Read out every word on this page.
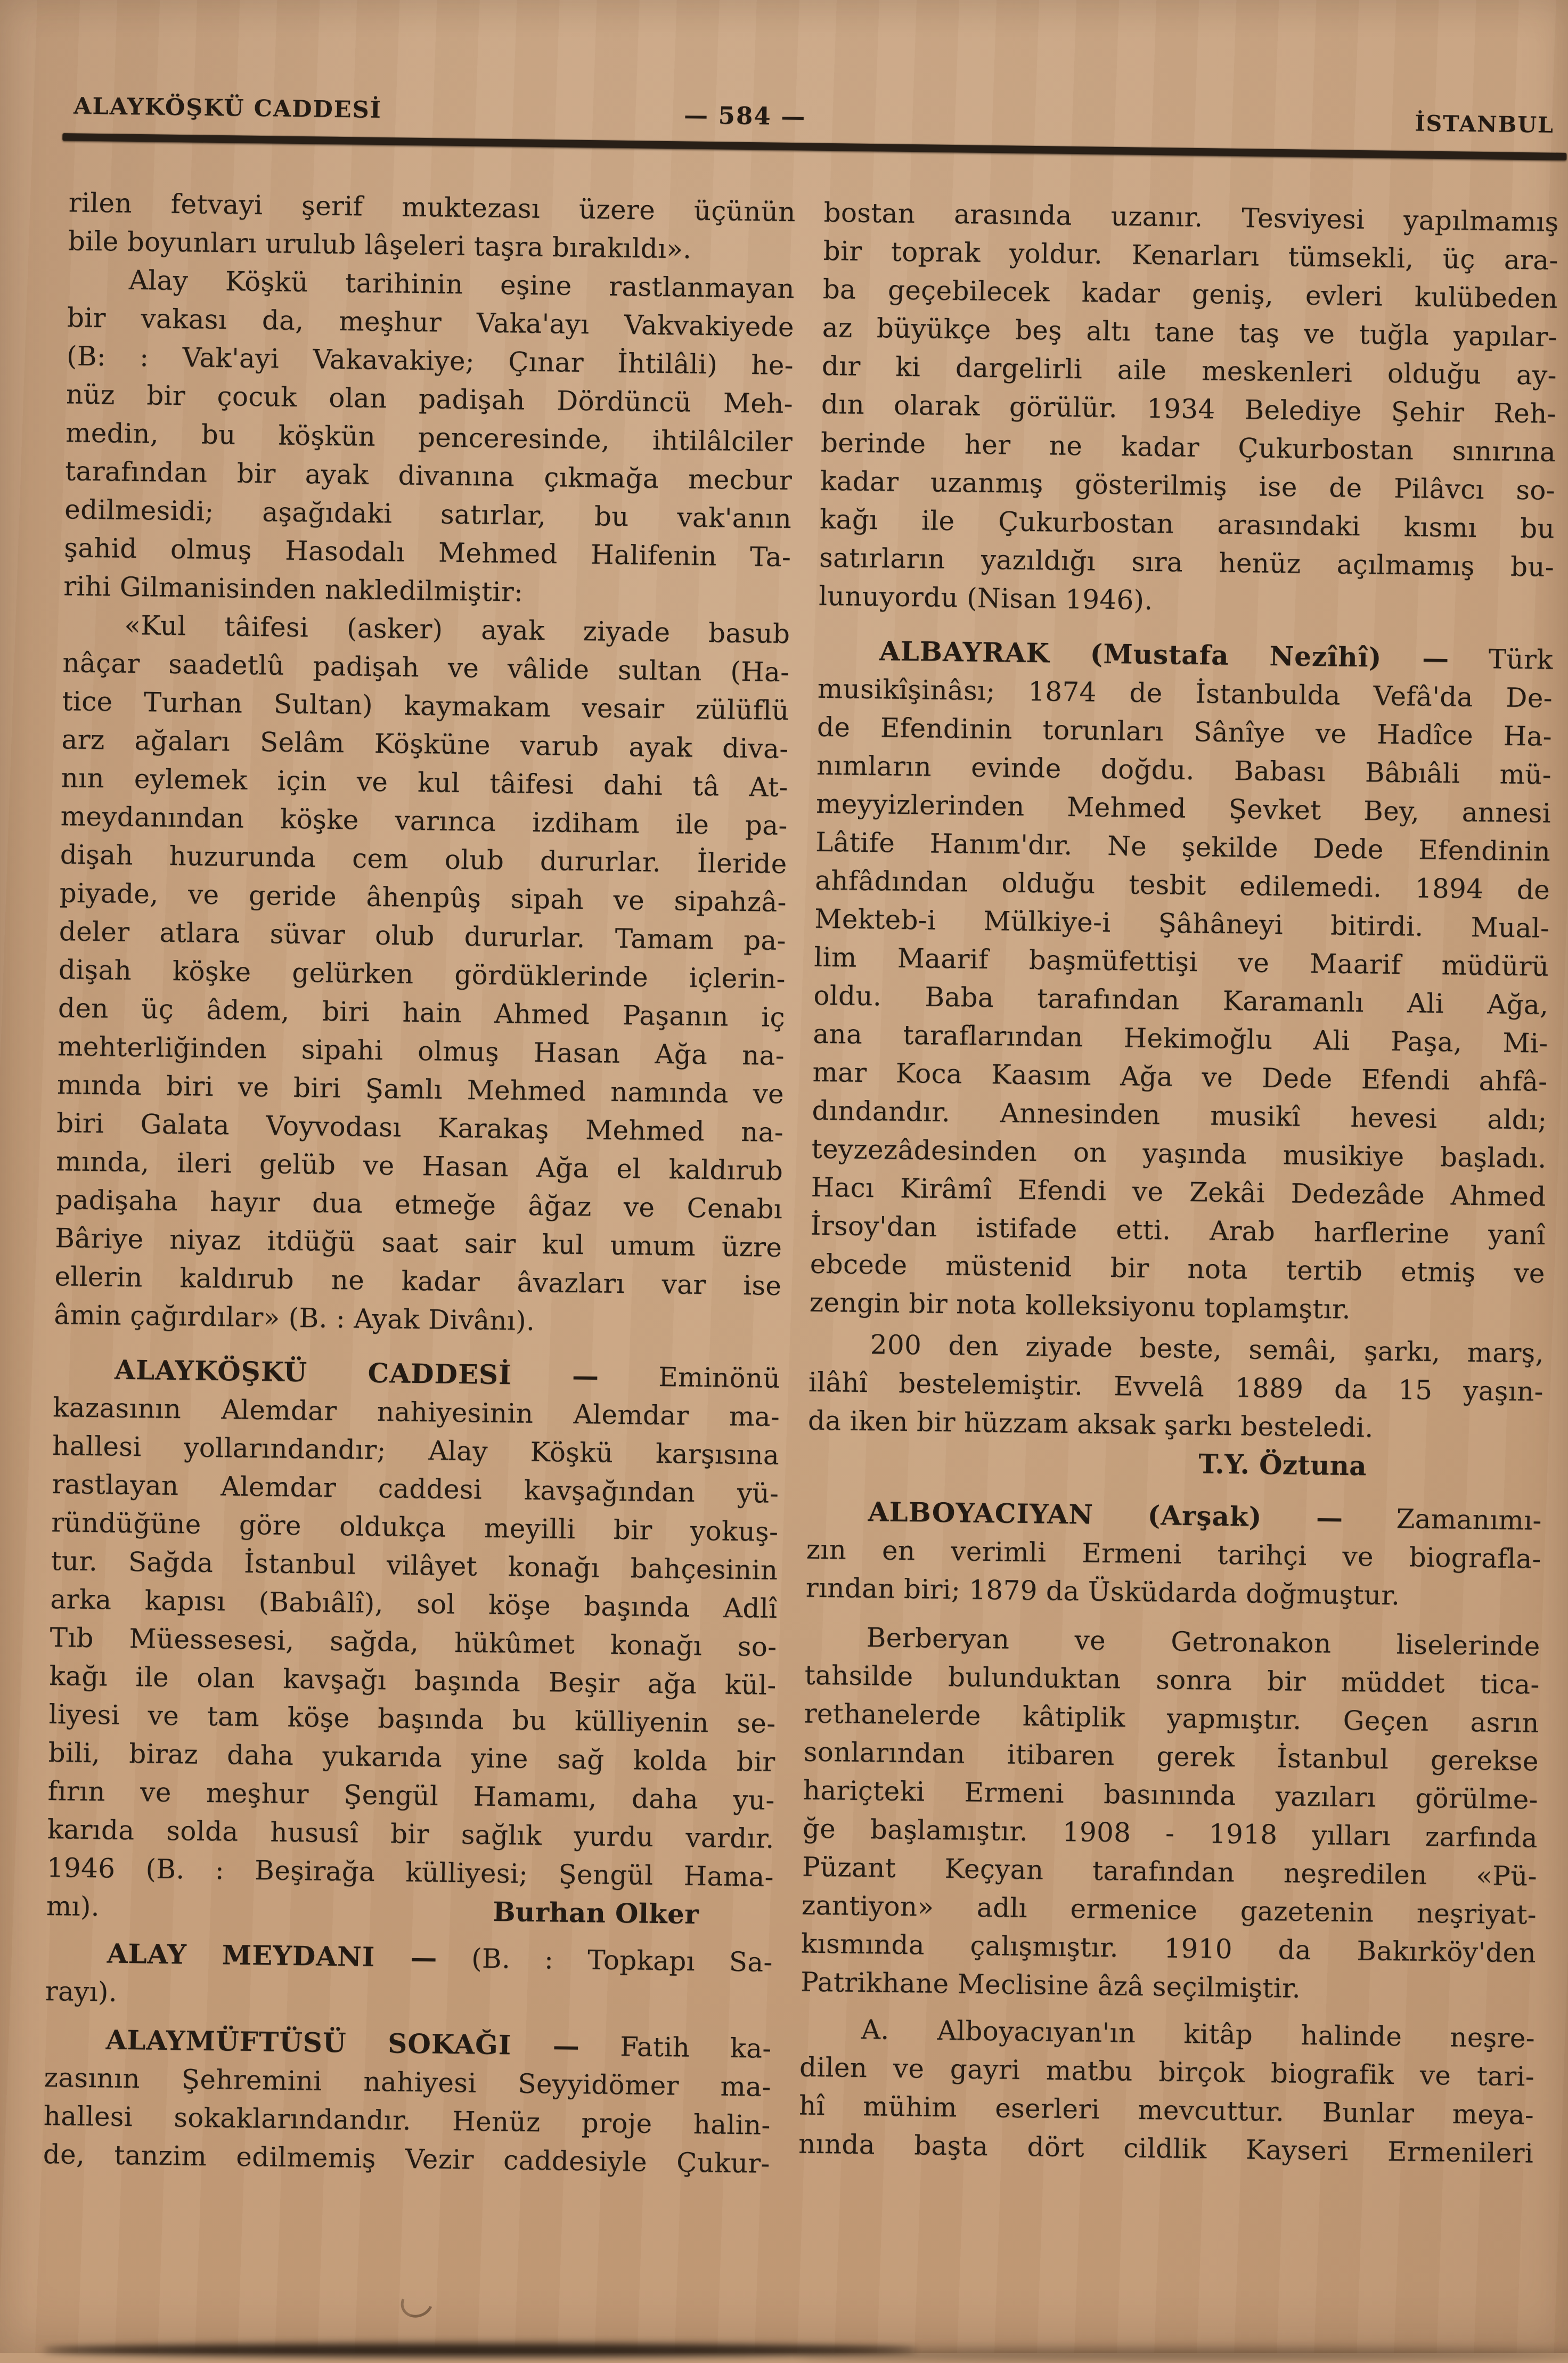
ALAYKÖŞKÜ CADDESİ	— 584 —	İSTANBUL
rilen fetvayi şerif muktezası üzere üçünün
bile boyunları urulub lâşeleri taşra bırakıldı».
Alay Köşkü tarihinin eşine rastlanmayan
bir vakası da, meşhur Vaka'ayı Vakvakiyede
(B: : Vak'ayi Vakavakiye; Çınar İhtilâli) he-
nüz bir çocuk olan padişah Dördüncü Meh-
medin, bu köşkün penceresinde, ihtilâlciler
tarafından bir ayak divanına çıkmağa mecbur
edilmesidi; aşağıdaki satırlar, bu vak'anın
şahid olmuş Hasodalı Mehmed Halifenin Ta-
rihi Gilmanisinden nakledilmiştir:
«Kul tâifesi (asker) ayak ziyade basub
nâçar saadetlû padişah ve vâlide sultan (Ha-
tice Turhan Sultan) kaymakam vesair zülüflü
arz ağaları Selâm Köşküne varub ayak diva-
nın eylemek için ve kul tâifesi dahi tâ At-
meydanından köşke varınca izdiham ile pa-
dişah huzurunda cem olub dururlar. İleride
piyade, ve geride âhenpûş sipah ve sipahzâ-
deler atlara süvar olub dururlar. Tamam pa-
dişah köşke gelürken gördüklerinde içlerin-
den üç âdem, biri hain Ahmed Paşanın iç
mehterliğinden sipahi olmuş Hasan Ağa na-
mında biri ve biri Şamlı Mehmed namında ve
biri Galata Voyvodası Karakaş Mehmed na-
mında, ileri gelüb ve Hasan Ağa el kaldırub
padişaha hayır dua etmeğe âğaz ve Cenabı
Bâriye niyaz itdüğü saat sair kul umum üzre
ellerin kaldırub ne kadar âvazları var ise
âmin çağırdılar» (B. : Ayak Divânı).
ALAYKÖŞKÜ CADDESİ — Eminönü
kazasının Alemdar nahiyesinin Alemdar ma-
hallesi yollarındandır; Alay Köşkü karşısına
rastlayan Alemdar caddesi kavşağından yü-
ründüğüne göre oldukça meyilli bir yokuş-
tur. Sağda İstanbul vilâyet konağı bahçesinin
arka kapısı (Babıâlî), sol köşe başında Adlî
Tıb Müessesesi, sağda, hükûmet konağı so-
kağı ile olan kavşağı başında Beşir ağa kül-
liyesi ve tam köşe başında bu külliyenin se-
bili, biraz daha yukarıda yine sağ kolda bir
fırın ve meşhur Şengül Hamamı, daha yu-
karıda solda hususî bir sağlık yurdu vardır.
1946 (B. : Beşirağa külliyesi; Şengül Hama-
mı).	Burhan Olker
ALAY MEYDANI — (B. : Topkapı Sa-
rayı).
ALAYMÜFTÜSÜ SOKAĞI — Fatih ka-
zasının Şehremini nahiyesi Seyyidömer ma-
hallesi sokaklarındandır. Henüz proje halin-
de, tanzim edilmemiş Vezir caddesiyle Çukur-
bostan arasında uzanır. Tesviyesi yapılmamış
bir toprak yoldur. Kenarları tümsekli, üç ara-
ba geçebilecek kadar geniş, evleri kulübeden
az büyükçe beş altı tane taş ve tuğla yapılar-
dır ki dargelirli aile meskenleri olduğu ay-
dın olarak görülür. 1934 Belediye Şehir Reh-
berinde her ne kadar Çukurbostan sınırına
kadar uzanmış gösterilmiş ise de Pilâvcı so-
kağı ile Çukurbostan arasındaki kısmı bu
satırların yazıldığı sıra henüz açılmamış bu-
lunuyordu (Nisan 1946).
ALBAYRAK (Mustafa Nezîhî) — Türk
musikîşinâsı; 1874 de İstanbulda Vefâ'da De-
de Efendinin torunları Sânîye ve Hadîce Ha-
nımların evinde doğdu. Babası Bâbıâli mü-
meyyizlerinden Mehmed Şevket Bey, annesi
Lâtife Hanım'dır. Ne şekilde Dede Efendinin
ahfâdından olduğu tesbit edilemedi. 1894 de
Mekteb-i Mülkiye-i Şâhâneyi bitirdi. Mual-
lim Maarif başmüfettişi ve Maarif müdürü
oldu. Baba tarafından Karamanlı Ali Ağa,
ana taraflarından Hekimoğlu Ali Paşa, Mi-
mar Koca Kaasım Ağa ve Dede Efendi ahfâ-
dındandır. Annesinden musikî hevesi aldı;
teyzezâdesinden on yaşında musikiye başladı.
Hacı Kirâmî Efendi ve Zekâi Dedezâde Ahmed
İrsoy'dan istifade etti. Arab harflerine yanî
ebcede müstenid bir nota tertib etmiş ve
zengin bir nota kolleksiyonu toplamştır.
200 den ziyade beste, semâi, şarkı, marş,
ilâhî bestelemiştir. Evvelâ 1889 da 15 yaşın-
da iken bir hüzzam aksak şarkı besteledi.
T.Y. Öztuna
ALBOYACIYAN (Arşak) — Zamanımı-
zın en verimli Ermeni tarihçi ve biografla-
rından biri; 1879 da Üsküdarda doğmuştur.
Berberyan ve Getronakon liselerinde
tahsilde bulunduktan sonra bir müddet tica-
rethanelerde kâtiplik yapmıştır. Geçen asrın
sonlarından itibaren gerek İstanbul gerekse
hariçteki Ermeni basınında yazıları görülme-
ğe başlamıştır. 1908 - 1918 yılları zarfında
Püzant Keçyan tarafından neşredilen «Pü-
zantiyon» adlı ermenice gazetenin neşriyat-
kısmında çalışmıştır. 1910 da Bakırköy'den
Patrikhane Meclisine âzâ seçilmiştir.
A. Alboyacıyan'ın kitâp halinde neşre-
dilen ve gayri matbu birçok biografik ve tari-
hî mühim eserleri mevcuttur. Bunlar meya-
nında başta dört cildlik Kayseri Ermenileri
